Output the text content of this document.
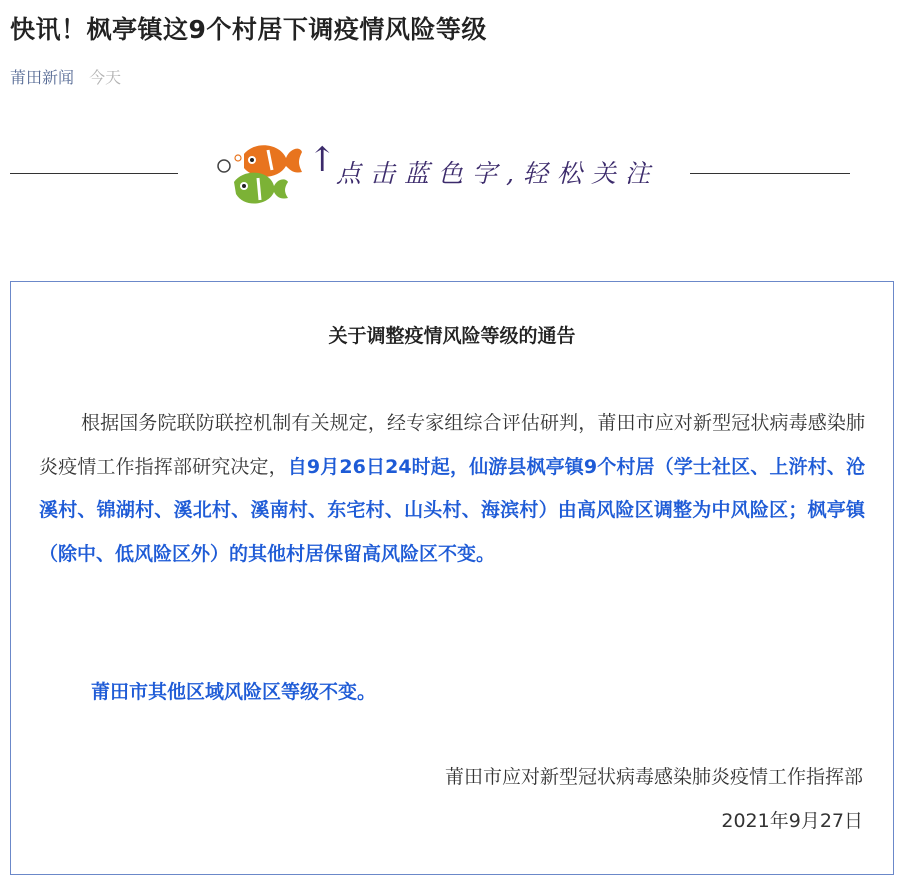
快讯！枫亭镇这9个村居下调疫情风险等级
莆田新闻 今天
↑ 点击蓝色字,轻松关注
关于调整疫情风险等级的通告

根据国务院联防联控机制有关规定，经专家组综合评估研判，莆田市应对新型冠状病毒感染肺炎疫情工作指挥部研究决定，自9月26日24时起，仙游县枫亭镇9个村居（学士社区、上浒村、沧溪村、锦湖村、溪北村、溪南村、东宅村、山头村、海滨村）由高风险区调整为中风险区；枫亭镇（除中、低风险区外）的其他村居保留高风险区不变。

莆田市其他区域风险区等级不变。

莆田市应对新型冠状病毒感染肺炎疫情工作指挥部
2021年9月27日
